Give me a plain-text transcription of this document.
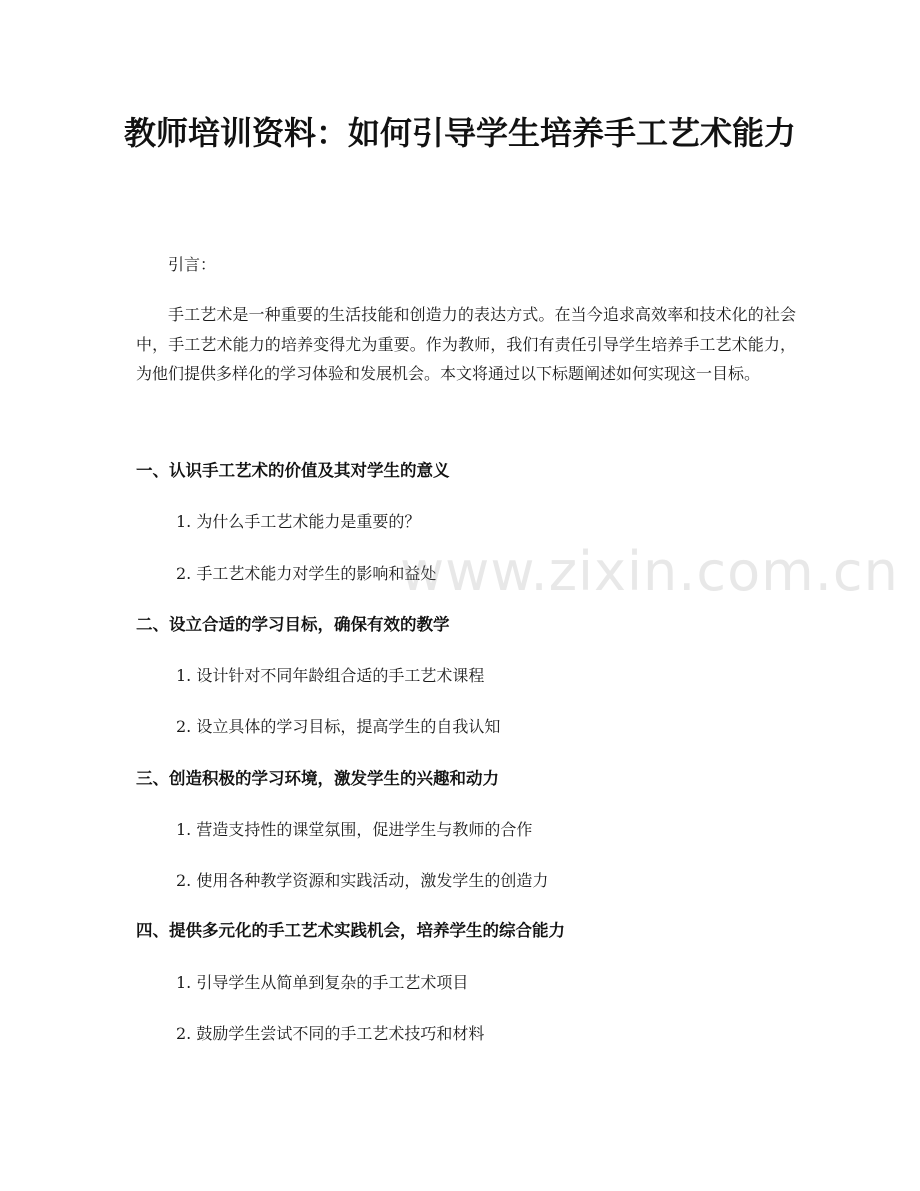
教师培训资料：如何引导学生培养手工艺术能力

引言：

手工艺术是一种重要的生活技能和创造力的表达方式。在当今追求高效率和技术化的社会中，手工艺术能力的培养变得尤为重要。作为教师，我们有责任引导学生培养手工艺术能力，为他们提供多样化的学习体验和发展机会。本文将通过以下标题阐述如何实现这一目标。

一、认识手工艺术的价值及其对学生的意义

1. 为什么手工艺术能力是重要的？

2. 手工艺术能力对学生的影响和益处

二、设立合适的学习目标，确保有效的教学

1. 设计针对不同年龄组合适的手工艺术课程

2. 设立具体的学习目标，提高学生的自我认知

三、创造积极的学习环境，激发学生的兴趣和动力

1. 营造支持性的课堂氛围，促进学生与教师的合作

2. 使用各种教学资源和实践活动，激发学生的创造力

四、提供多元化的手工艺术实践机会，培养学生的综合能力

1. 引导学生从简单到复杂的手工艺术项目

2. 鼓励学生尝试不同的手工艺术技巧和材料

www.zixin.com.cn
